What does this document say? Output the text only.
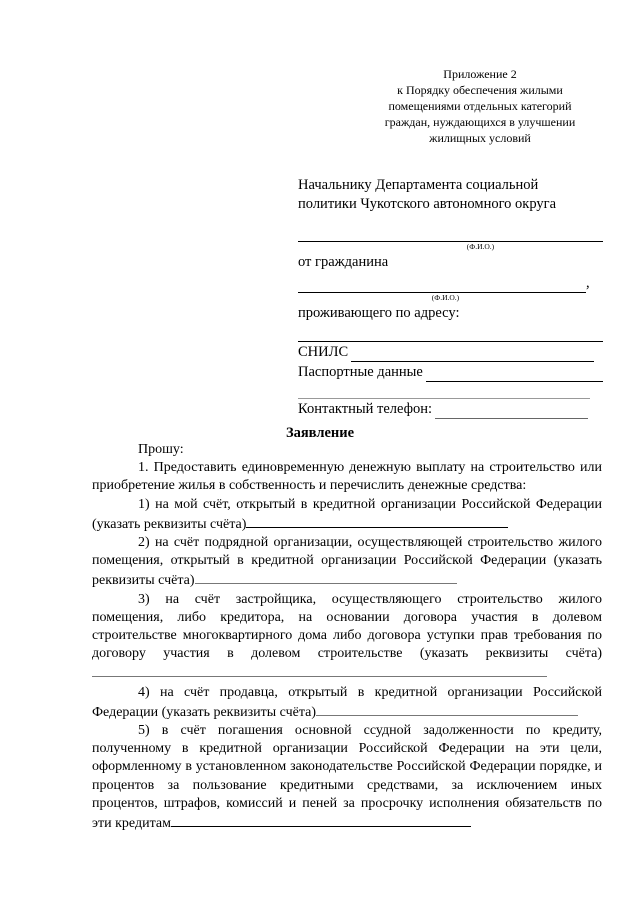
Приложение 2
к Порядку обеспечения жилыми
помещениями отдельных категорий
граждан, нуждающихся в улучшении
жилищных условий
Начальнику Департамента социальной
политики Чукотского автономного округа
(Ф.И.О.)
от гражданина
,
(Ф.И.О.)
проживающего по адресу:
СНИЛС
Паспортные данные
Контактный телефон:
Заявление

Прошу:

1. Предоставить единовременную денежную выплату на строительство или приобретение жилья в собственность и перечислить денежные средства:

1) на мой счёт, открытый в кредитной организации Российской Федерации (указать реквизиты счёта)

2) на счёт подрядной организации, осуществляющей строительство жилого помещения, открытый в кредитной организации Российской Федерации (указать реквизиты счёта)

3) на счёт застройщика, осуществляющего строительство жилого помещения, либо кредитора, на основании договора участия в долевом строительстве многоквартирного дома либо договора уступки прав требования по договору участия в долевом строительстве (указать реквизиты счёта)

4) на счёт продавца, открытый в кредитной организации Российской Федерации (указать реквизиты счёта)

5) в счёт погашения основной ссудной задолженности по кредиту, полученному в кредитной организации Российской Федерации на эти цели, оформленному в установленном законодательстве Российской Федерации порядке, и процентов за пользование кредитными средствами, за исключением иных процентов, штрафов, комиссий и пеней за просрочку исполнения обязательств по эти кредитам
